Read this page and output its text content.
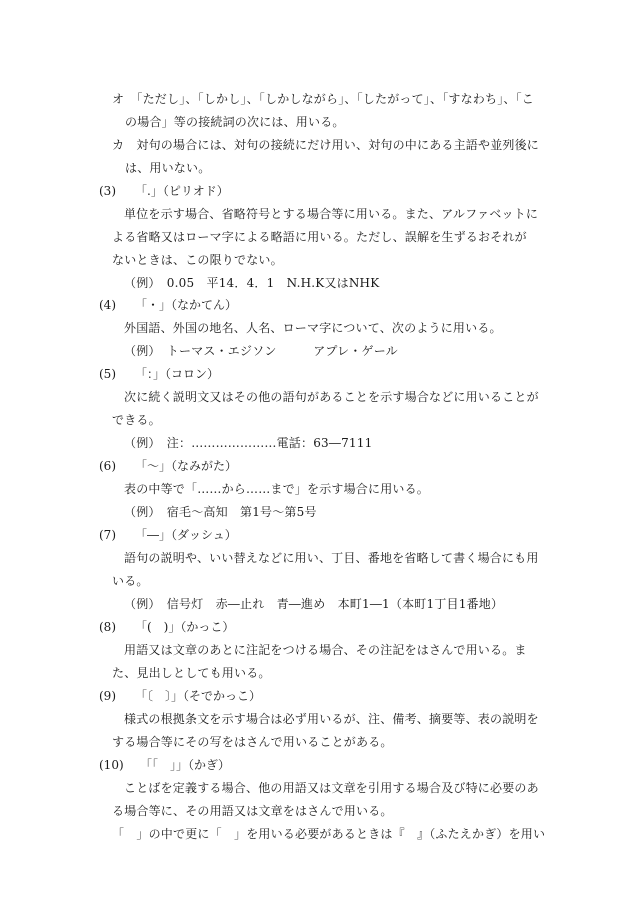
オ　「ただし」、「しかし」、「しかしながら」、「したがって」、「すなわち」、「こ
の場合」等の接続詞の次には、用いる。
カ　対句の場合には、対句の接続にだけ用い、対句の中にある主語や並列後に
は、用いない。
(3) 「.」（ピリオド）
単位を示す場合、省略符号とする場合等に用いる。また、アルファベットに
よる省略又はローマ字による略語に用いる。ただし、誤解を生ずるおそれが
ないときは、この限りでない。
（例）　0.05　平14．4．1　N.H.K又はNHK
(4) 「・」（なかてん）
外国語、外国の地名、人名、ローマ字について、次のように用いる。
（例）　トーマス・エジソン　　　アプレ・ゲール
(5) 「：」（コロン）
次に続く説明文又はその他の語句があることを示す場合などに用いることが
できる。
（例）　注：…………………電話：63―7111
(6) 「～」（なみがた）
表の中等で「……から……まで」を示す場合に用いる。
（例）　宿毛～高知　第1号～第5号
(7) 「―」（ダッシュ）
語句の説明や、いい替えなどに用い、丁目、番地を省略して書く場合にも用
いる。
（例）　信号灯　赤―止れ　青―進め　本町1―1（本町1丁目1番地）
(8) 「(　)」（かっこ）
用語又は文章のあとに注記をつける場合、その注記をはさんで用いる。ま
た、見出しとしても用いる。
(9) 「〔　〕」（そでかっこ）
様式の根拠条文を示す場合は必ず用いるが、注、備考、摘要等、表の説明を
する場合等にその写をはさんで用いることがある。
(10) 「「　」」（かぎ）
ことばを定義する場合、他の用語又は文章を引用する場合及び特に必要のあ
る場合等に、その用語又は文章をはさんで用いる。
「　」の中で更に「　」を用いる必要があるときは『　』（ふたえかぎ）を用い
